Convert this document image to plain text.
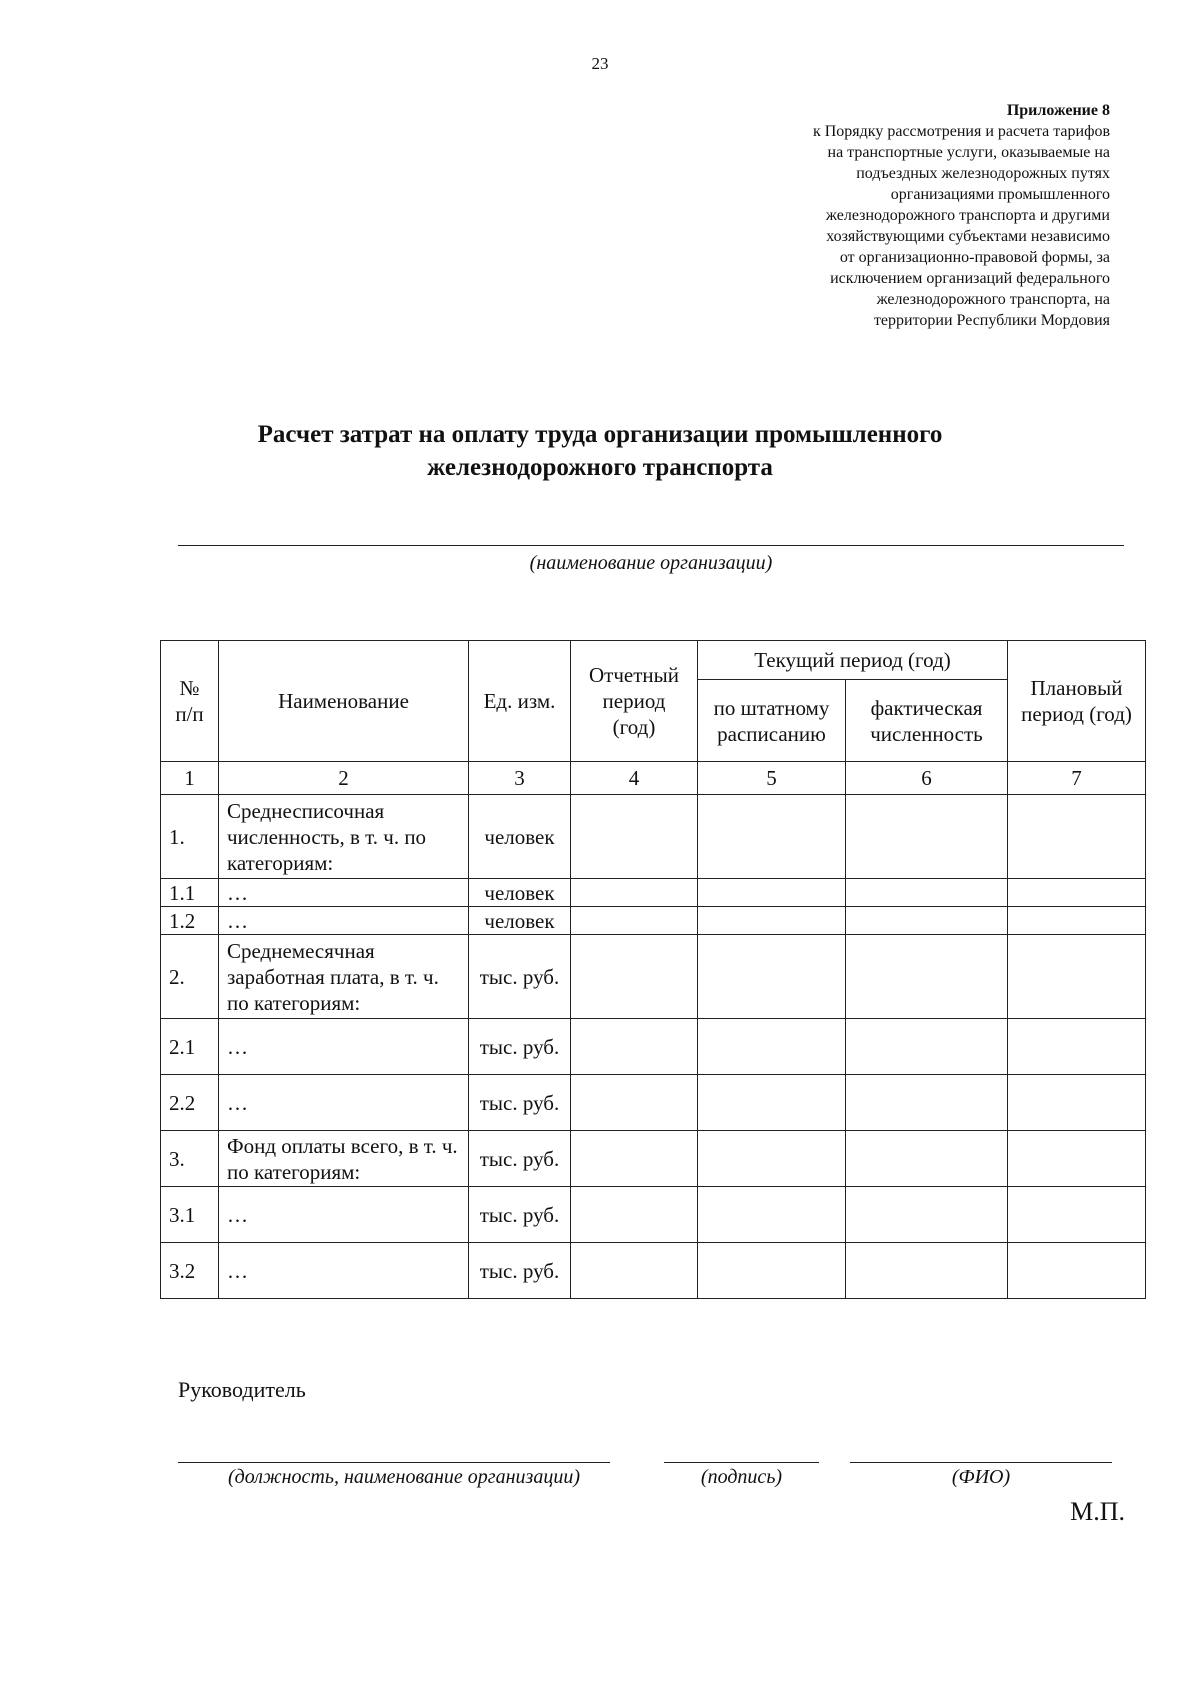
23
Приложение 8
к Порядку рассмотрения и расчета тарифов
на транспортные услуги, оказываемые на
подъездных железнодорожных путях
организациями промышленного
железнодорожного транспорта и другими
хозяйствующими субъектами независимо
от организационно-правовой формы, за
исключением организаций федерального
железнодорожного транспорта, на
территории Республики Мордовия
Расчет затрат на оплату труда организации промышленного
железнодорожного транспорта
(наименование организации)
№ п/п	Наименование	Ед. изм.	Отчетный период (год)	Текущий период (год)		Плановый период (год)
				по штатному расписанию	фактическая численность	
1	2	3	4	5	6	7
1.	Среднесписочная численность, в т. ч. по категориям:	человек				
1.1	…	человек				
1.2	…	человек				
2.	Среднемесячная заработная плата, в т. ч. по категориям:	тыс. руб.				
2.1	…	тыс. руб.				
2.2	…	тыс. руб.				
3.	Фонд оплаты всего, в т. ч. по категориям:	тыс. руб.				
3.1	…	тыс. руб.				
3.2	…	тыс. руб.				
Руководитель
(должность, наименование организации)	(подпись)	(ФИО)
М.П.
